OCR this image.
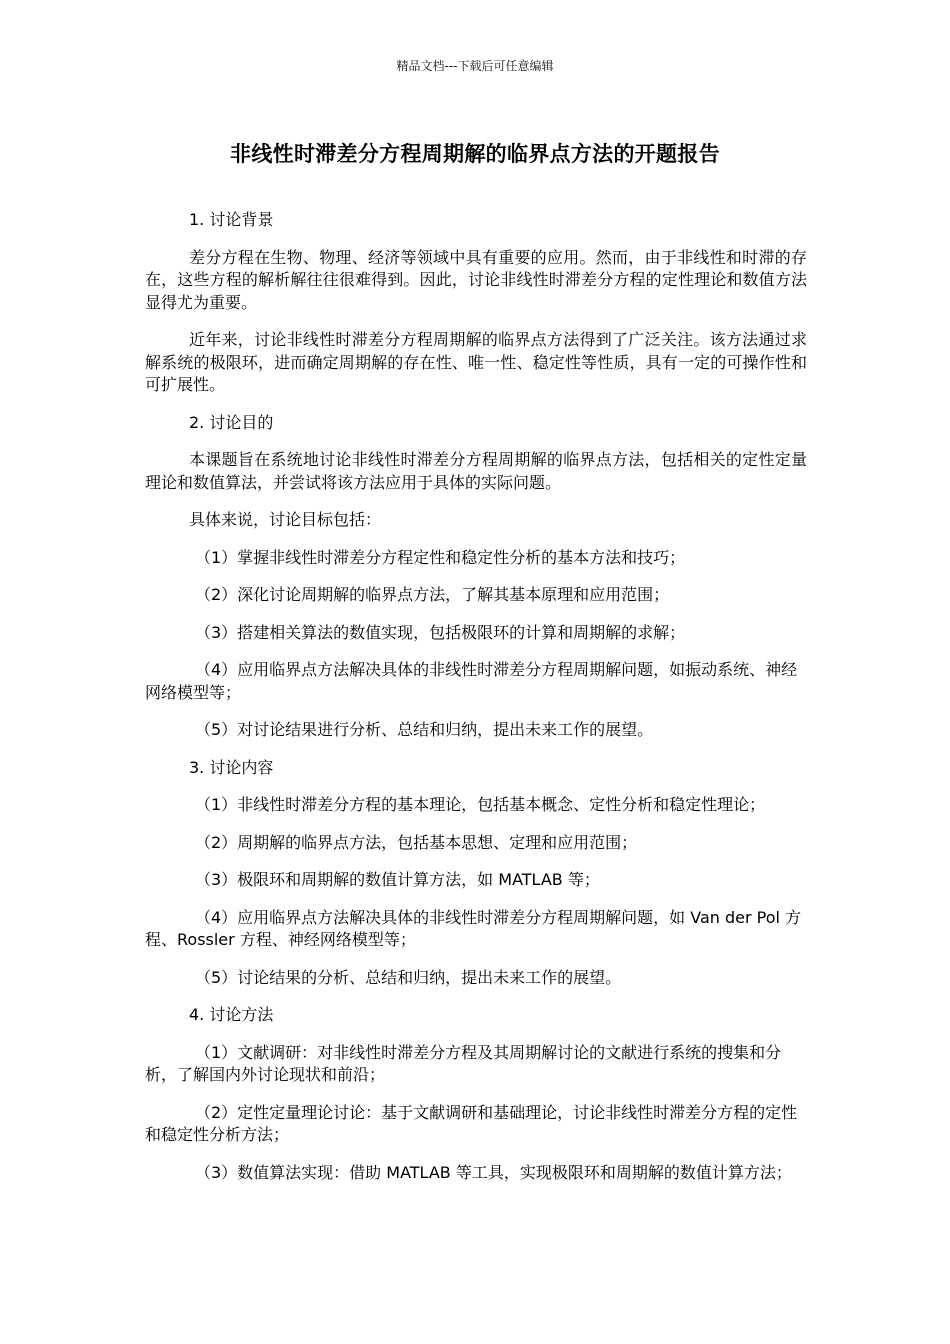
精品文档---下载后可任意编辑
非线性时滞差分方程周期解的临界点方法的开题报告

1. 讨论背景

差分方程在生物、物理、经济等领域中具有重要的应用。然而，由于非线性和时滞的存在，这些方程的解析解往往很难得到。因此，讨论非线性时滞差分方程的定性理论和数值方法显得尤为重要。

近年来，讨论非线性时滞差分方程周期解的临界点方法得到了广泛关注。该方法通过求解系统的极限环，进而确定周期解的存在性、唯一性、稳定性等性质，具有一定的可操作性和可扩展性。

2. 讨论目的

本课题旨在系统地讨论非线性时滞差分方程周期解的临界点方法，包括相关的定性定量理论和数值算法，并尝试将该方法应用于具体的实际问题。

具体来说，讨论目标包括：

（1）掌握非线性时滞差分方程定性和稳定性分析的基本方法和技巧；

（2）深化讨论周期解的临界点方法，了解其基本原理和应用范围；

（3）搭建相关算法的数值实现，包括极限环的计算和周期解的求解；

（4）应用临界点方法解决具体的非线性时滞差分方程周期解问题，如振动系统、神经网络模型等；

（5）对讨论结果进行分析、总结和归纳，提出未来工作的展望。

3. 讨论内容

（1）非线性时滞差分方程的基本理论，包括基本概念、定性分析和稳定性理论；

（2）周期解的临界点方法，包括基本思想、定理和应用范围；

（3）极限环和周期解的数值计算方法，如 MATLAB 等；

（4）应用临界点方法解决具体的非线性时滞差分方程周期解问题，如 Van der Pol 方程、Rossler 方程、神经网络模型等；

（5）讨论结果的分析、总结和归纳，提出未来工作的展望。

4. 讨论方法

（1）文献调研：对非线性时滞差分方程及其周期解讨论的文献进行系统的搜集和分析，了解国内外讨论现状和前沿；

（2）定性定量理论讨论：基于文献调研和基础理论，讨论非线性时滞差分方程的定性和稳定性分析方法；

（3）数值算法实现：借助 MATLAB 等工具，实现极限环和周期解的数值计算方法；
